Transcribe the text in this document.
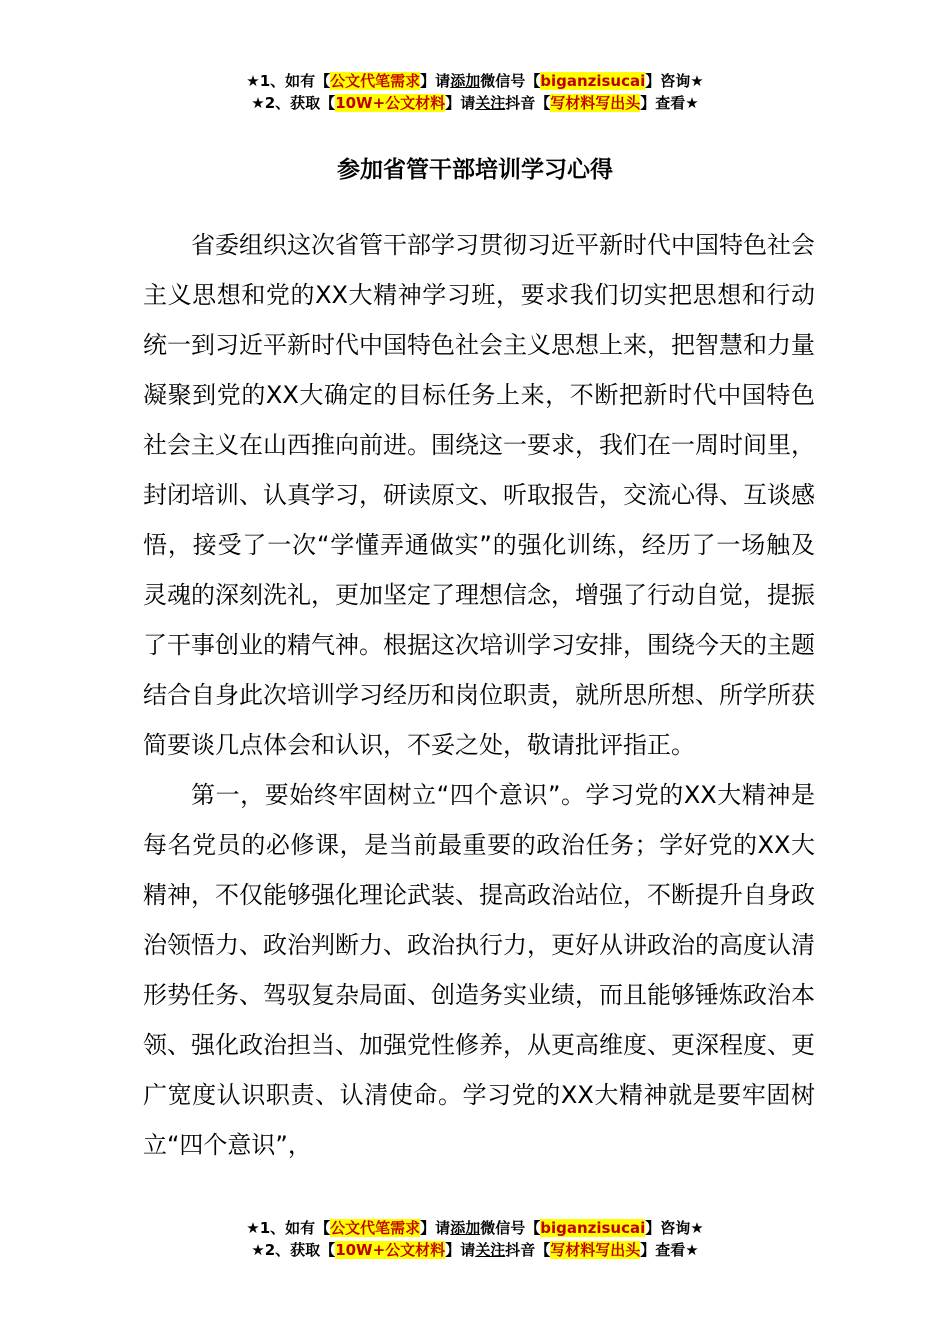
★1、如有【公文代笔需求】请添加微信号【biganzisucai】咨询★
★2、获取【10W+公文材料】请关注抖音【写材料写出头】查看★
参加省管干部培训学习心得

省委组织这次省管干部学习贯彻习近平新时代中国特色社会主义思想和党的XX大精神学习班，要求我们切实把思想和行动统一到习近平新时代中国特色社会主义思想上来，把智慧和力量凝聚到党的XX大确定的目标任务上来，不断把新时代中国特色社会主义在山西推向前进。围绕这一要求，我们在一周时间里，封闭培训、认真学习，研读原文、听取报告，交流心得、互谈感悟，接受了一次“学懂弄通做实”的强化训练，经历了一场触及灵魂的深刻洗礼，更加坚定了理想信念，增强了行动自觉，提振了干事创业的精气神。根据这次培训学习安排，围绕今天的主题结合自身此次培训学习经历和岗位职责，就所思所想、所学所获简要谈几点体会和认识，不妥之处，敬请批评指正。

第一，要始终牢固树立“四个意识”。学习党的XX大精神是每名党员的必修课，是当前最重要的政治任务；学好党的XX大精神，不仅能够强化理论武装、提高政治站位，不断提升自身政治领悟力、政治判断力、政治执行力，更好从讲政治的高度认清形势任务、驾驭复杂局面、创造务实业绩，而且能够锤炼政治本领、强化政治担当、加强党性修养，从更高维度、更深程度、更广宽度认识职责、认清使命。学习党的XX大精神就是要牢固树立“四个意识”，

★1、如有【公文代笔需求】请添加微信号【biganzisucai】咨询★
★2、获取【10W+公文材料】请关注抖音【写材料写出头】查看★
